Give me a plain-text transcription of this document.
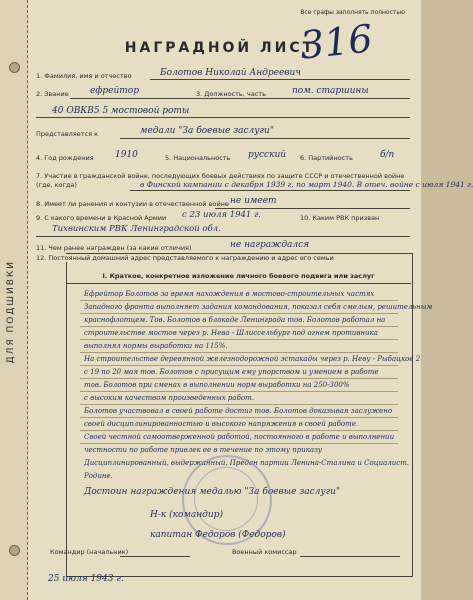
ДЛЯ ПОДШИВКИ
Все графы заполнять полностью
НАГРАДНОЙ ЛИСТ
316
1. Фамилия, имя и отчество	Болотов Николай Андреевич
2. Звание ефрейтор	3. Должность, часть	пом. старшины
40 ОВКВ5 5 мостовой роты
Представляется к	медали "За боевые заслуги"
4. Год рождения 1910	5. Национальность русский 6. Партийность	б/п
7. Участие в гражданской войне, последующих боевых действиях по защите СССР и отечественной войне (где, когда)	в Финской кампании с декабря 1939 г. по март 1940. В отеч. войне с июля 1941 г.
8. Имеет ли ранения и контузии в отечественной войне не имеет
9. С какого времени в Красной Армии с 23 июля 1941 г.	10. Каким РВК призван
Тихвинским РВК Ленинградской обл.
11. Чем ранее награжден (за какие отличия)	не награждался
12. Постоянный домашний адрес представляемого к награждению и адрес его семьи
I. Краткое, конкретное изложение личного боевого подвига или заслуг
Ефрейтор Болотов за время нахождения в мостово-строительных частях
Западного фронта выполняет задания командования, показал себя смелым, решительным
краснофлотцем. Тов. Болотов в блокаде Ленинграда тов. Болотов работал на
строительстве мостов через р. Нева - Шлиссельбург под огнем противника
выполнял нормы выработки на 115%.
На строительстве деревянной железнодорожной эстакады через р. Неву - Рыбацкое 2
с 19 по 20 мая тов. Болотов с присущим ему упорством и умением в работе
тов. Болотов при сменах в выполнении норм выработки на 250-300%
с высоким качеством произведенных работ.
Болотов участвовал в своей работе достиг тов. Болотов доказывая заслужено
своей дисциплинированностью и высокого напряжения в своей работе.
Своей честной самоотверженной работой, постоянного в работе и выполнении
честности по работе привлек ее в течение по этому приказу
Дисциплинированный, выдержанный, Предан партии Ленина-Сталина и Социалист.
Родине.
Достоин награждения медалью "За боевые заслуги"
Н-к (командир)
капитан Федоров (Федоров)
Командир (начальник)	Военный комиссар
25 июля 1943 г.
